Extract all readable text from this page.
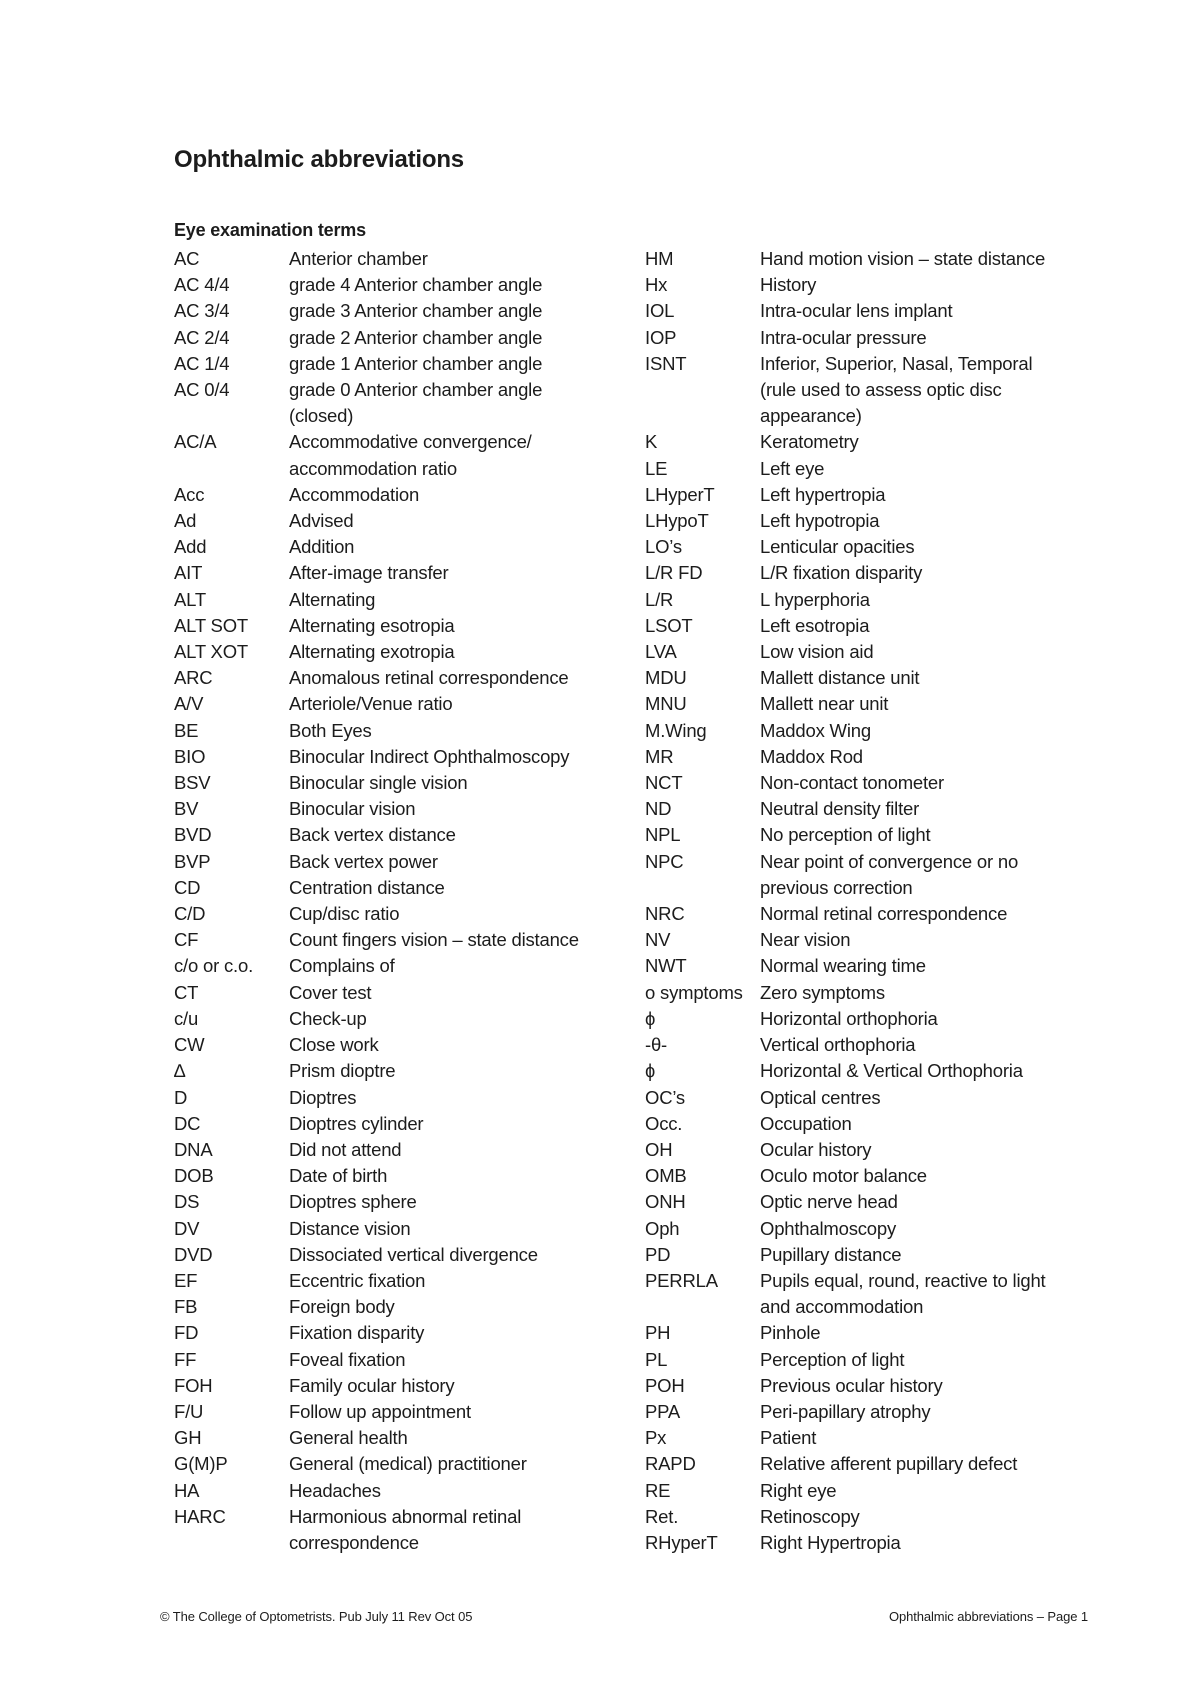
Ophthalmic abbreviations
Eye examination terms
AC	Anterior chamber
AC 4/4	grade 4 Anterior chamber angle
AC 3/4	grade 3 Anterior chamber angle
AC 2/4	grade 2 Anterior chamber angle
AC 1/4	grade 1 Anterior chamber angle
AC 0/4	grade 0 Anterior chamber angle
(closed)
AC/A	Accommodative convergence/
accommodation ratio
Acc	Accommodation
Ad	Advised
Add	Addition
AIT	After-image transfer
ALT	Alternating
ALT SOT	Alternating esotropia
ALT XOT	Alternating exotropia
ARC	Anomalous retinal correspondence
A/V	Arteriole/Venue ratio
BE	Both Eyes
BIO	Binocular Indirect Ophthalmoscopy
BSV	Binocular single vision
BV	Binocular vision
BVD	Back vertex distance
BVP	Back vertex power
CD	Centration distance
C/D	Cup/disc ratio
CF	Count fingers vision – state distance
c/o or c.o.	Complains of
CT	Cover test
c/u	Check-up
CW	Close work
∆	Prism dioptre
D	Dioptres
DC	Dioptres cylinder
DNA	Did not attend
DOB	Date of birth
DS	Dioptres sphere
DV	Distance vision
DVD	Dissociated vertical divergence
EF	Eccentric fixation
FB	Foreign body
FD	Fixation disparity
FF	Foveal fixation
FOH	Family ocular history
F/U	Follow up appointment
GH	General health
G(M)P	General (medical) practitioner
HA	Headaches
HARC	Harmonious abnormal retinal
correspondence
HM	Hand motion vision – state distance
Hx	History
IOL	Intra-ocular lens implant
IOP	Intra-ocular pressure
ISNT	Inferior, Superior, Nasal, Temporal
(rule used to assess optic disc
appearance)
K	Keratometry
LE	Left eye
LHyperT	Left hypertropia
LHypoT	Left hypotropia
LO’s	Lenticular opacities
L/R FD	L/R fixation disparity
L/R	L hyperphoria
LSOT	Left esotropia
LVA	Low vision aid
MDU	Mallett distance unit
MNU	Mallett near unit
M.Wing	Maddox Wing
MR	Maddox Rod
NCT	Non-contact tonometer
ND	Neutral density filter
NPL	No perception of light
NPC	Near point of convergence or no
previous correction
NRC	Normal retinal correspondence
NV	Near vision
NWT	Normal wearing time
o symptoms Zero symptoms
ϕ	Horizontal orthophoria
-θ-	Vertical orthophoria
ɸ	Horizontal & Vertical Orthophoria
OC’s	Optical centres
Occ.	Occupation
OH	Ocular history
OMB	Oculo motor balance
ONH	Optic nerve head
Oph	Ophthalmoscopy
PD	Pupillary distance
PERRLA	Pupils equal, round, reactive to light
and accommodation
PH	Pinhole
PL	Perception of light
POH	Previous ocular history
PPA	Peri-papillary atrophy
Px	Patient
RAPD	Relative afferent pupillary defect
RE	Right eye
Ret.	Retinoscopy
RHyperT	Right Hypertropia
© The College of Optometrists. Pub July 11 Rev Oct 05	Ophthalmic abbreviations – Page 1
